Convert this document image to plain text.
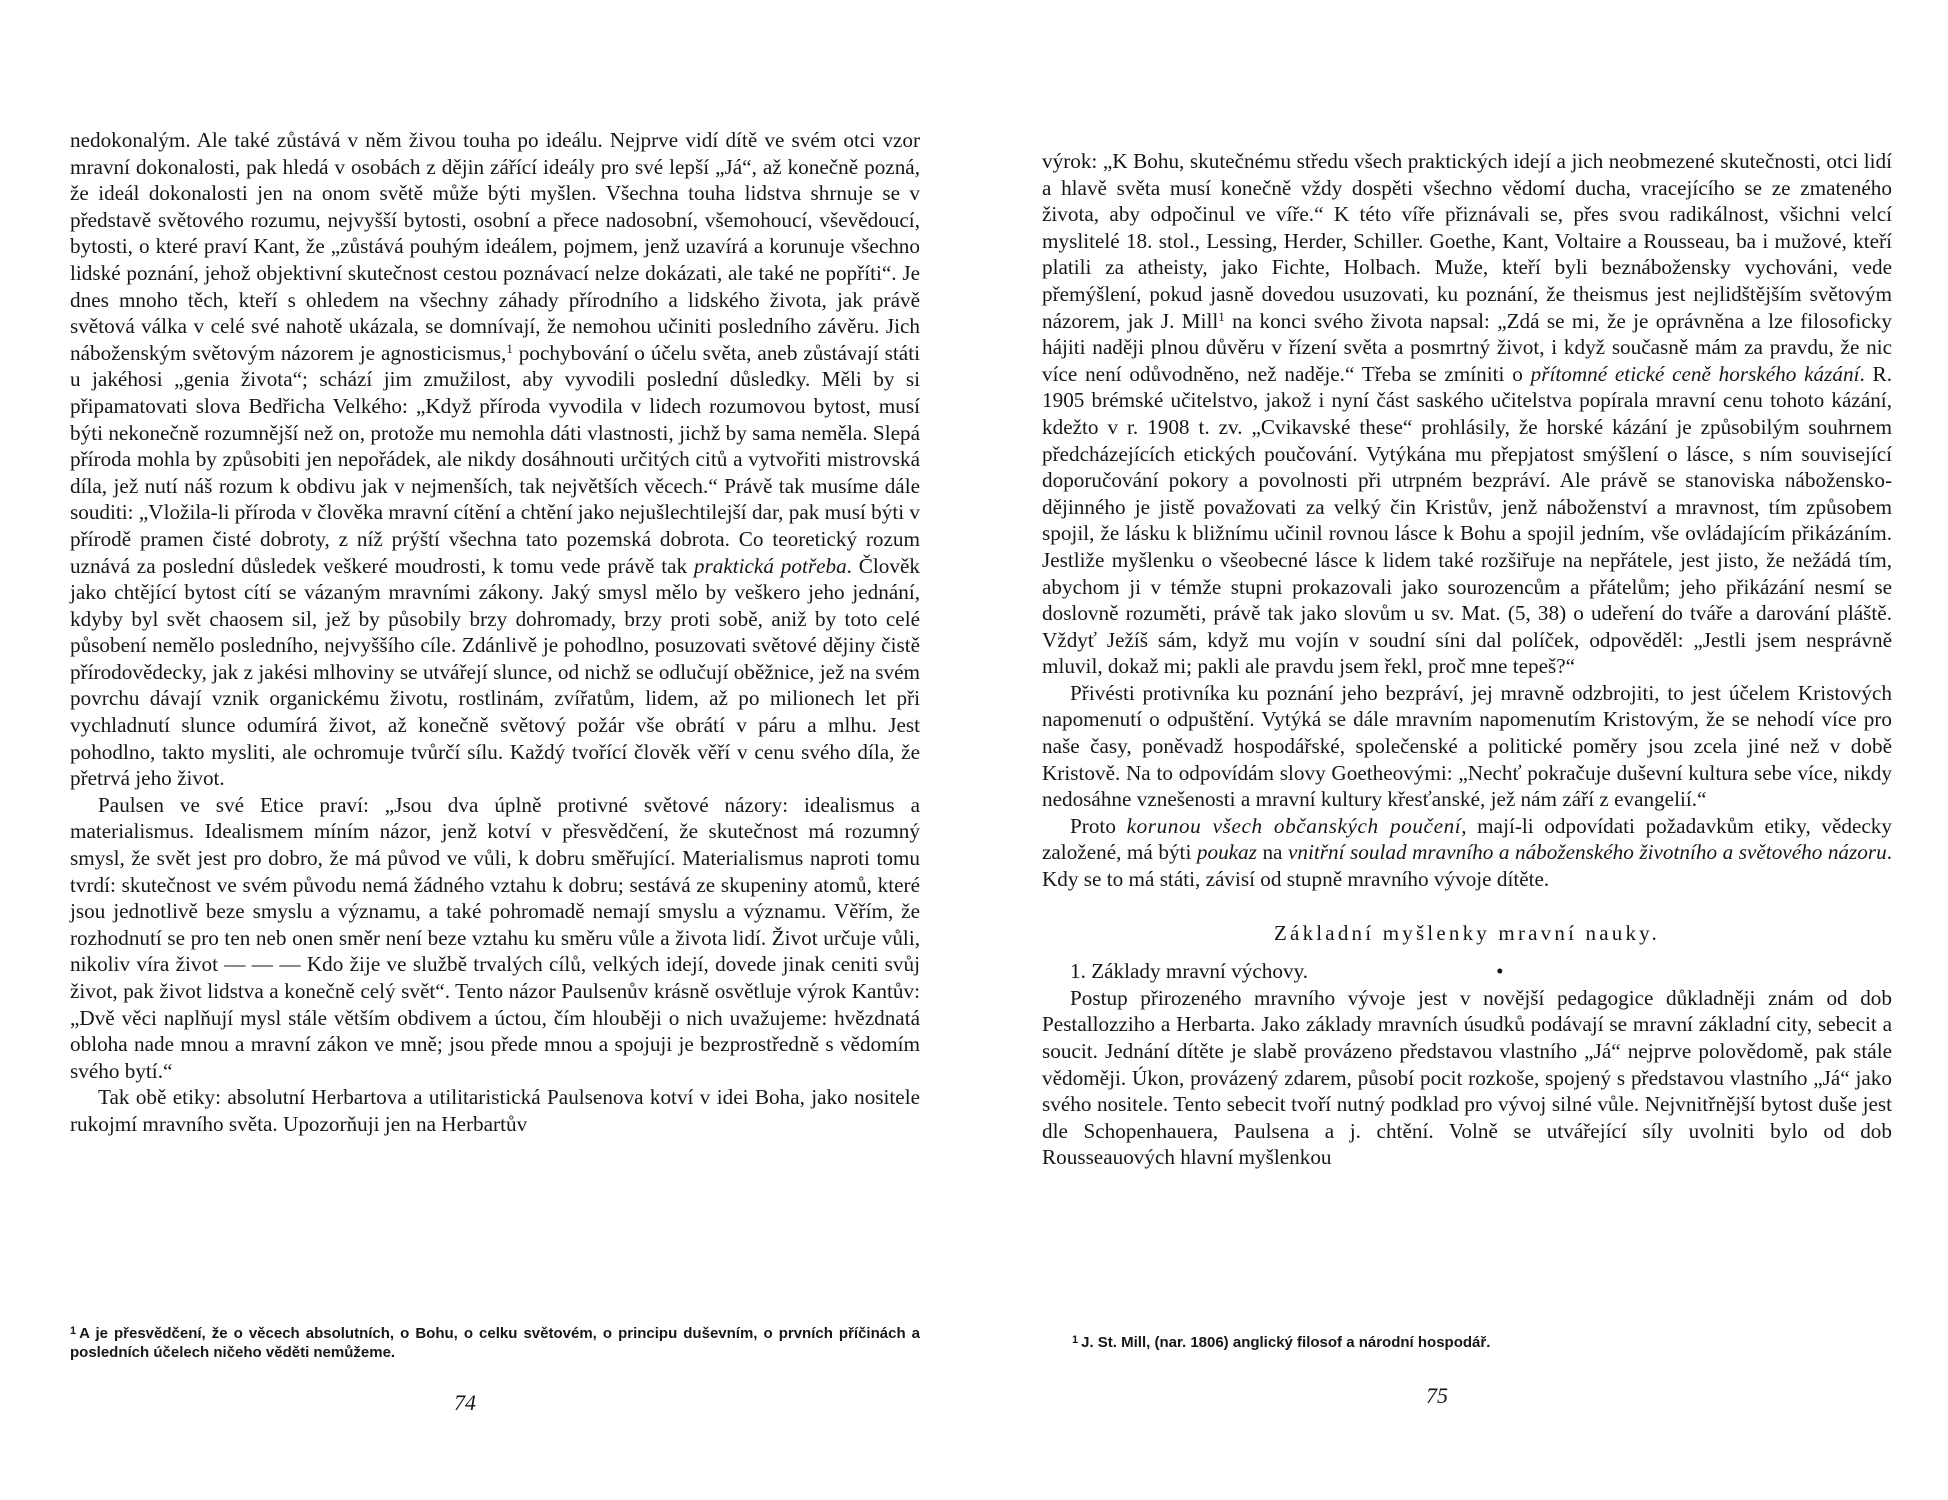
nedokonalým. Ale také zůstává v něm živou touha po ideálu. Nejprve vidí dítě ve svém otci vzor mravní dokonalosti, pak hledá v osobách z dějin zářící ideály pro své lepší „Já“, až konečně pozná, že ideál dokonalosti jen na onom světě může býti myšlen. Všechna touha lidstva shrnuje se v představě světového rozumu, nejvyšší bytosti, osobní a přece nadosobní, všemohoucí, vševědoucí, bytosti, o které praví Kant, že „zůstává pouhým ideálem, pojmem, jenž uzavírá a korunuje všechno lidské poznání, jehož objektivní skutečnost cestou poznávací nelze dokázati, ale také ne popříti“. Je dnes mnoho těch, kteří s ohledem na všechny záhady přírodního a lidského života, jak právě světová válka v celé své nahotě ukázala, se domnívají, že nemohou učiniti posledního závěru. Jich náboženským světovým názorem je agnosticismus,$^1$ pochybování o účelu světa, aneb zůstávají státi u jakéhosi „genia života“; schází jim zmužilost, aby vyvodili poslední důsledky. Měli by si připamatovati slova Bedřicha Velkého: „Když příroda vyvodila v lidech rozumovou bytost, musí býti nekonečně rozumnější než on, protože mu nemohla dáti vlastnosti, jichž by sama neměla. Slepá příroda mohla by způsobiti jen nepořádek, ale nikdy dosáhnouti určitých citů a vytvořiti mistrovská díla, jež nutí náš rozum k obdivu jak v nejmenších, tak největších věcech.“ Právě tak musíme dále souditi: „Vložila-li příroda v člověka mravní cítění a chtění jako nejušlechtilejší dar, pak musí býti v přírodě pramen čisté dobroty, z níž prýští všechna tato pozemská dobrota. Co teoretický rozum uznává za poslední důsledek veškeré moudrosti, k tomu vede právě tak praktická potřeba. Člověk jako chtějící bytost cítí se vázaným mravními zákony. Jaký smysl mělo by veškero jeho jednání, kdyby byl svět chaosem sil, jež by působily brzy dohromady, brzy proti sobě, aniž by toto celé působení nemělo posledního, nejvyššího cíle. Zdánlivě je pohodlno, posuzovati světové dějiny čistě přírodovědecky, jak z jakési mlhoviny se utvářejí slunce, od nichž se odlučují oběžnice, jež na svém povrchu dávají vznik organickému životu, rostlinám, zvířatům, lidem, až po milionech let při vychladnutí slunce odumírá život, až konečně světový požár vše obrátí v páru a mlhu. Jest pohodlno, takto mysliti, ale ochromuje tvůrčí sílu. Každý tvořící člověk věří v cenu svého díla, že přetrvá jeho život.

Paulsen ve své Etice praví: „Jsou dva úplně protivné světové názory: idealismus a materialismus. Idealismem míním názor, jenž kotví v přesvědčení, že skutečnost má rozumný smysl, že svět jest pro dobro, že má původ ve vůli, k dobru směřující. Materialismus naproti tomu tvrdí: skutečnost ve svém původu nemá žádného vztahu k dobru; sestává ze skupeniny atomů, které jsou jednotlivě beze smyslu a významu, a také pohromadě nemají smyslu a významu. Věřím, že rozhodnutí se pro ten neb onen směr není beze vztahu ku směru vůle a života lidí. Život určuje vůli, nikoliv víra život — — — Kdo žije ve službě trvalých cílů, velkých idejí, dovede jinak ceniti svůj život, pak život lidstva a konečně celý svět“. Tento názor Paulsenův krásně osvětluje výrok Kantův: „Dvě věci naplňují mysl stále větším obdivem a úctou, čím hlouběji o nich uvažujeme: hvězdnatá obloha nade mnou a mravní zákon ve mně; jsou přede mnou a spojuji je bezprostředně s vědomím svého bytí.“

Tak obě etiky: absolutní Herbartova a utilitaristická Paulsenova kotví v idei Boha, jako nositele rukojmí mravního světa. Upozorňuji jen na Herbartův

$^1$ A je přesvědčení, že o věcech absolutních, o Bohu, o celku světovém, o principu duševním, o prvních příčinách a posledních účelech ničeho věděti nemůžeme.
74

výrok: „K Bohu, skutečnému středu všech praktických idejí a jich neobmezené skutečnosti, otci lidí a hlavě světa musí konečně vždy dospěti všechno vědomí ducha, vracejícího se ze zmateného života, aby odpočinul ve víře.“ K této víře přiznávali se, přes svou radikálnost, všichni velcí myslitelé 18. stol., Lessing, Herder, Schiller. Goethe, Kant, Voltaire a Rousseau, ba i mužové, kteří platili za atheisty, jako Fichte, Holbach. Muže, kteří byli beznábožensky vychováni, vede přemýšlení, pokud jasně dovedou usuzovati, ku poznání, že theismus jest nejlidštějším světovým názorem, jak J. Mill$^1$ na konci svého života napsal: „Zdá se mi, že je oprávněna a lze filosoficky hájiti naději plnou důvěru v řízení světa a posmrtný život, i když současně mám za pravdu, že nic více není odůvodněno, než naděje.“ Třeba se zmíniti o přítomné etické ceně horského kázání. R. 1905 brémské učitelstvo, jakož i nyní část saského učitelstva popírala mravní cenu tohoto kázání, kdežto v r. 1908 t. zv. „Cvikavské these“ prohlásily, že horské kázání je způsobilým souhrnem předcházejících etických poučování. Vytýkána mu přepjatost smýšlení o lásce, s ním související doporučování pokory a povolnosti při utrpném bezpráví. Ale právě se stanoviska nábožensko-dějinného je jistě považovati za velký čin Kristův, jenž náboženství a mravnost, tím způsobem spojil, že lásku k bližnímu učinil rovnou lásce k Bohu a spojil jedním, vše ovládajícím přikázáním. Jestliže myšlenku o všeobecné lásce k lidem také rozšiřuje na nepřátele, jest jisto, že nežádá tím, abychom ji v témže stupni prokazovali jako sourozencům a přátelům; jeho přikázání nesmí se doslovně rozuměti, právě tak jako slovům u sv. Mat. (5, 38) o udeření do tváře a darování pláště. Vždyť Ježíš sám, když mu vojín v soudní síni dal políček, odpověděl: „Jestli jsem nesprávně mluvil, dokaž mi; pakli ale pravdu jsem řekl, proč mne tepeš?“

Přivésti protivníka ku poznání jeho bezpráví, jej mravně odzbrojiti, to jest účelem Kristových napomenutí o odpuštění. Vytýká se dále mravním napomenutím Kristovým, že se nehodí více pro naše časy, poněvadž hospodářské, společenské a politické poměry jsou zcela jiné než v době Kristově. Na to odpovídám slovy Goetheovými: „Nechť pokračuje duševní kultura sebe více, nikdy nedosáhne vznešenosti a mravní kultury křesťanské, jež nám září z evangelií.“

Proto korunou všech občanských poučení, mají-li odpovídati požadavkům etiky, vědecky založené, má býti poukaz na vnitřní soulad mravního a náboženského životního a světového názoru. Kdy se to má státi, závisí od stupně mravního vývoje dítěte.

Základní myšlenky mravní nauky.

1. Základy mravní výchovy.	•

Postup přirozeného mravního vývoje jest v novější pedagogice důkladněji znám od dob Pestallozziho a Herbarta. Jako základy mravních úsudků podávají se mravní základní city, sebecit a soucit. Jednání dítěte je slabě provázeno představou vlastního „Já“ nejprve polovědomě, pak stále vědoměji. Úkon, provázený zdarem, působí pocit rozkoše, spojený s představou vlastního „Já“ jako svého nositele. Tento sebecit tvoří nutný podklad pro vývoj silné vůle. Nejvnitřnější bytost duše jest dle Schopenhauera, Paulsena a j. chtění. Volně se utvářející síly uvolniti bylo od dob Rousseauových hlavní myšlenkou

$^1$ J. St. Mill, (nar. 1806) anglický filosof a národní hospodář.
75
